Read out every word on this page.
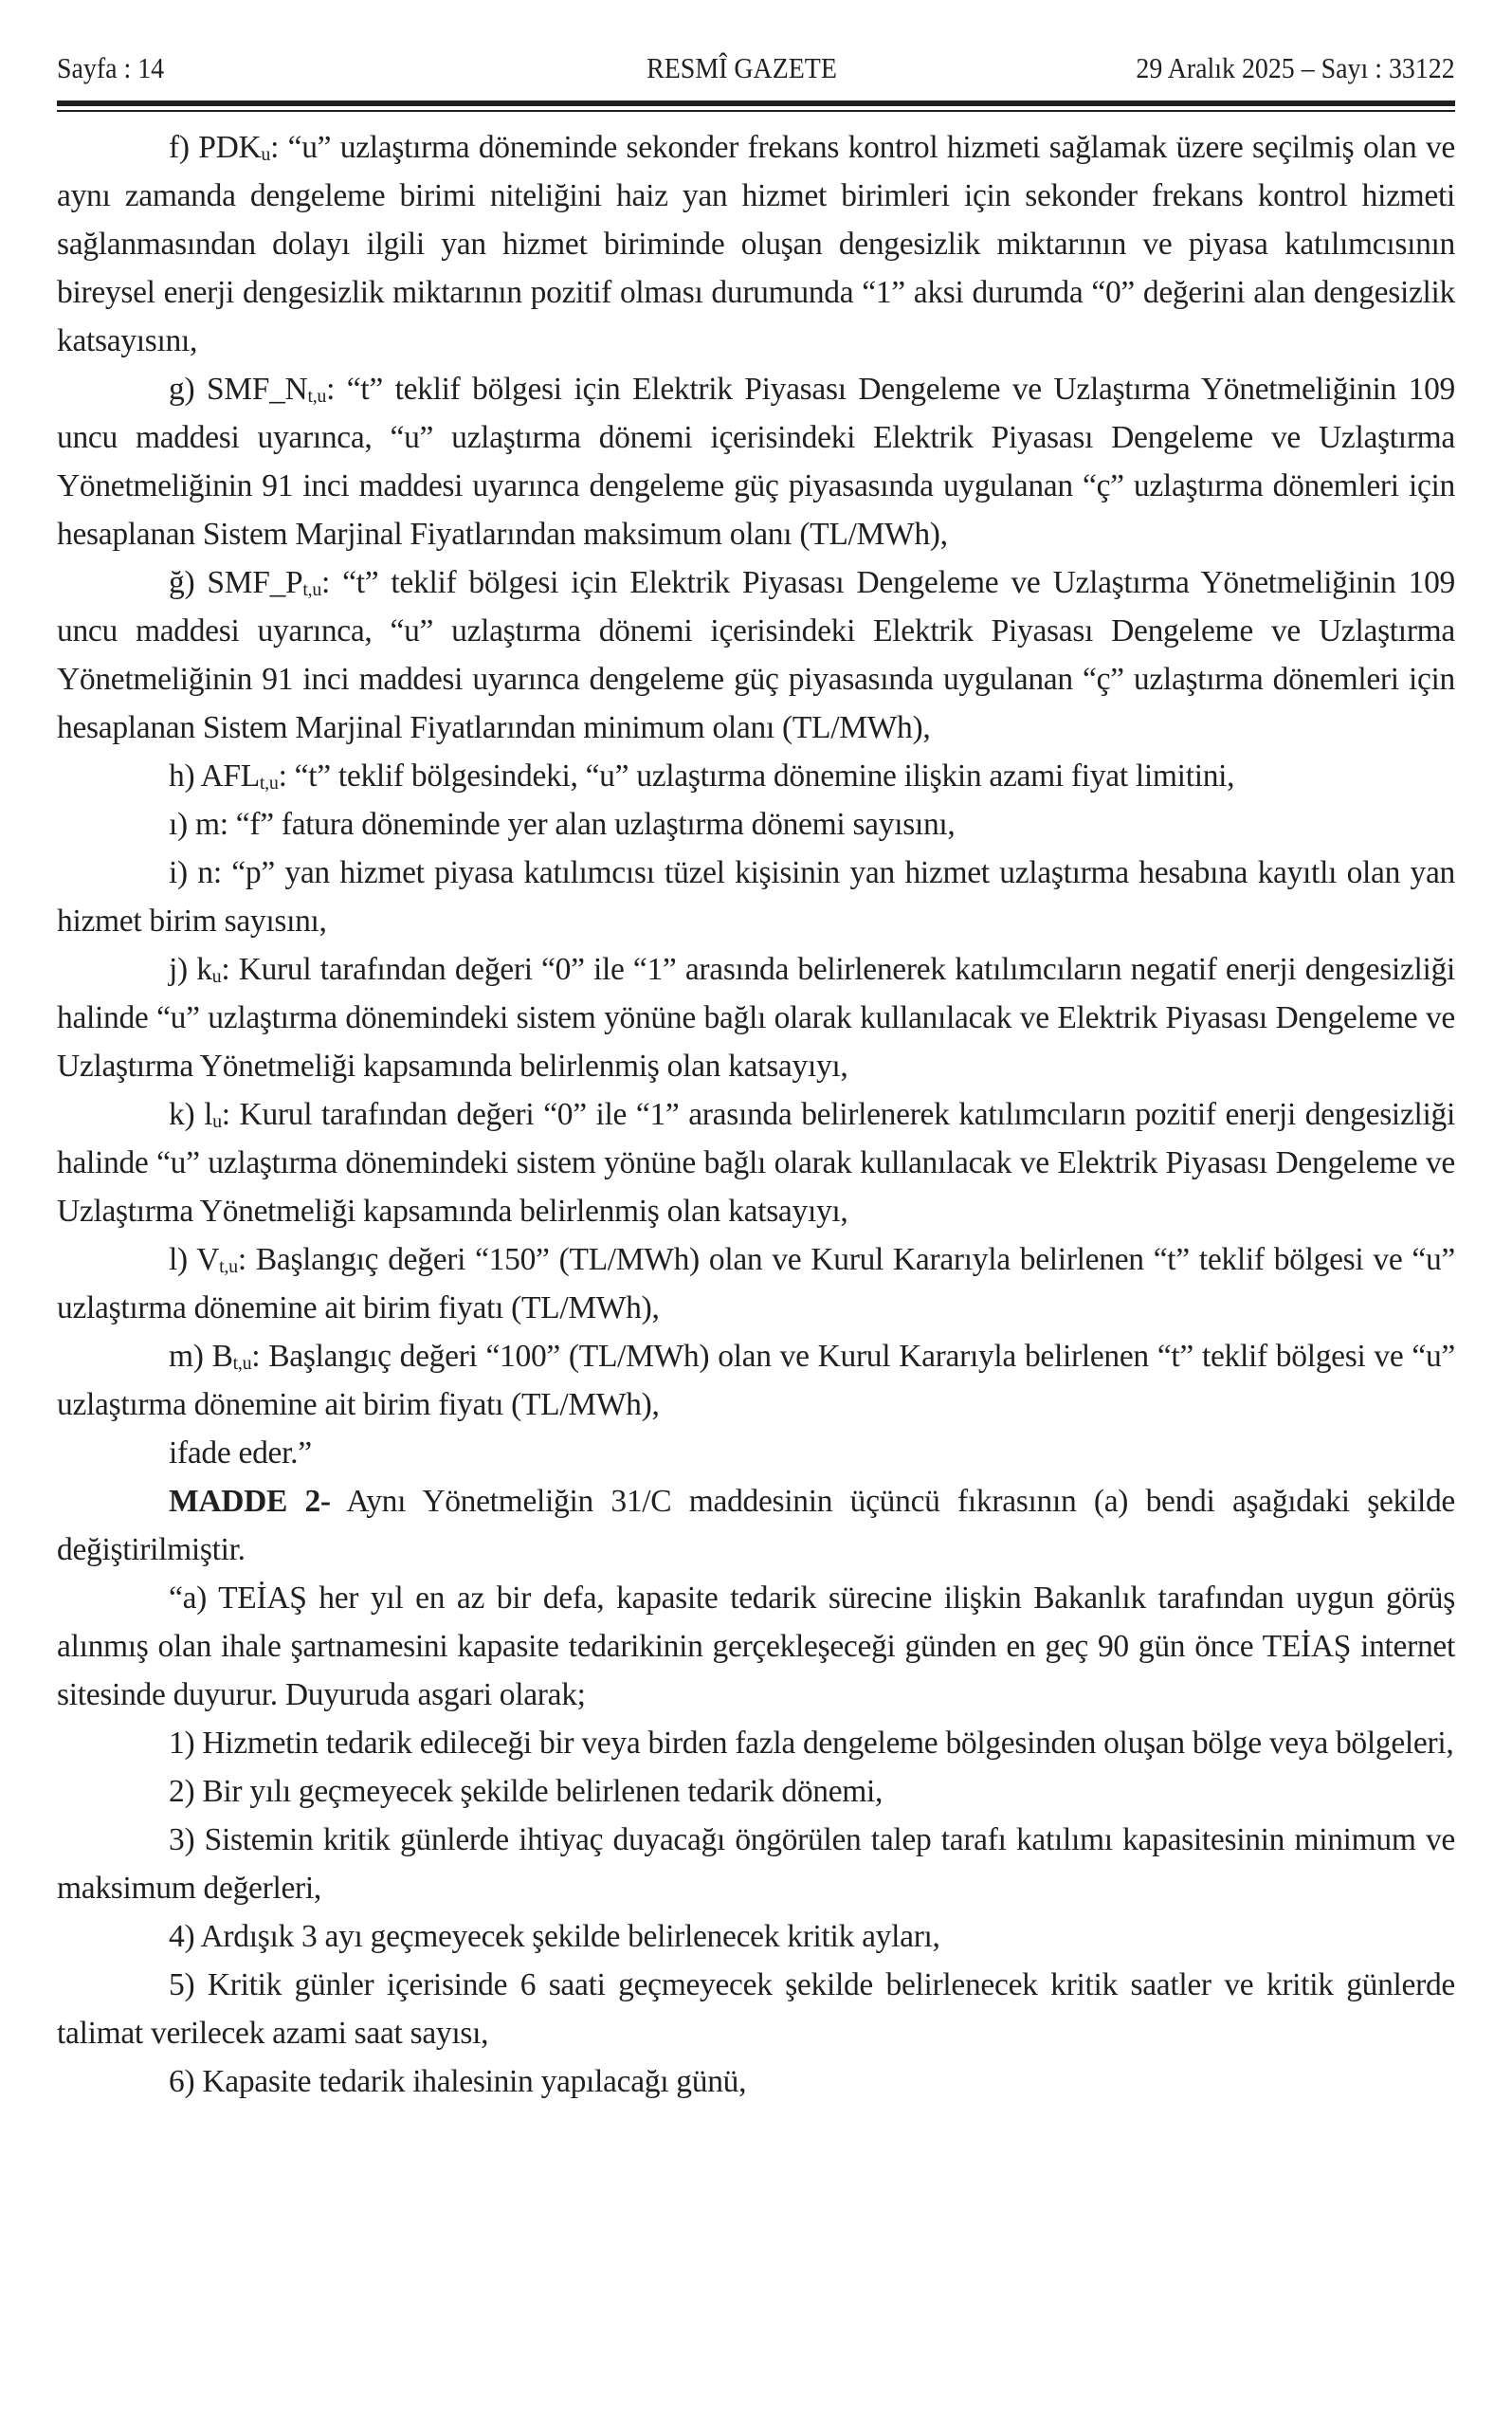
Sayfa : 14	RESMÎ GAZETE	29 Aralık 2025 – Sayı : 33122

f) $PDK_u$: “u” uzlaştırma döneminde sekonder frekans kontrol hizmeti sağlamak üzere seçilmiş olan ve aynı zamanda dengeleme birimi niteliğini haiz yan hizmet birimleri için sekonder frekans kontrol hizmeti sağlanmasından dolayı ilgili yan hizmet biriminde oluşan dengesizlik miktarının ve piyasa katılımcısının bireysel enerji dengesizlik miktarının pozitif olması durumunda “1” aksi durumda “0” değerini alan dengesizlik katsayısını,

g) $SMF\_N_{t,u}$: “t” teklif bölgesi için Elektrik Piyasası Dengeleme ve Uzlaştırma Yönetmeliğinin 109 uncu maddesi uyarınca, “u” uzlaştırma dönemi içerisindeki Elektrik Piyasası Dengeleme ve Uzlaştırma Yönetmeliğinin 91 inci maddesi uyarınca dengeleme güç piyasasında uygulanan “ç” uzlaştırma dönemleri için hesaplanan Sistem Marjinal Fiyatlarından maksimum olanı (TL/MWh),

ğ) $SMF\_P_{t,u}$: “t” teklif bölgesi için Elektrik Piyasası Dengeleme ve Uzlaştırma Yönetmeliğinin 109 uncu maddesi uyarınca, “u” uzlaştırma dönemi içerisindeki Elektrik Piyasası Dengeleme ve Uzlaştırma Yönetmeliğinin 91 inci maddesi uyarınca dengeleme güç piyasasında uygulanan “ç” uzlaştırma dönemleri için hesaplanan Sistem Marjinal Fiyatlarından minimum olanı (TL/MWh),

h) $AFL_{t,u}$: “t” teklif bölgesindeki, “u” uzlaştırma dönemine ilişkin azami fiyat limitini,

ı) m: “f” fatura döneminde yer alan uzlaştırma dönemi sayısını,

i) n: “p” yan hizmet piyasa katılımcısı tüzel kişisinin yan hizmet uzlaştırma hesabına kayıtlı olan yan hizmet birim sayısını,

j) $k_u$: Kurul tarafından değeri “0” ile “1” arasında belirlenerek katılımcıların negatif enerji dengesizliği halinde “u” uzlaştırma dönemindeki sistem yönüne bağlı olarak kullanılacak ve Elektrik Piyasası Dengeleme ve Uzlaştırma Yönetmeliği kapsamında belirlenmiş olan katsayıyı,

k) $l_u$: Kurul tarafından değeri “0” ile “1” arasında belirlenerek katılımcıların pozitif enerji dengesizliği halinde “u” uzlaştırma dönemindeki sistem yönüne bağlı olarak kullanılacak ve Elektrik Piyasası Dengeleme ve Uzlaştırma Yönetmeliği kapsamında belirlenmiş olan katsayıyı,

l) $V_{t,u}$: Başlangıç değeri “150” (TL/MWh) olan ve Kurul Kararıyla belirlenen “t” teklif bölgesi ve “u” uzlaştırma dönemine ait birim fiyatı (TL/MWh),

m) $B_{t,u}$: Başlangıç değeri “100” (TL/MWh) olan ve Kurul Kararıyla belirlenen “t” teklif bölgesi ve “u” uzlaştırma dönemine ait birim fiyatı (TL/MWh),

ifade eder.”

MADDE 2- Aynı Yönetmeliğin 31/C maddesinin üçüncü fıkrasının (a) bendi aşağıdaki şekilde değiştirilmiştir.

“a) TEİAŞ her yıl en az bir defa, kapasite tedarik sürecine ilişkin Bakanlık tarafından uygun görüş alınmış olan ihale şartnamesini kapasite tedarikinin gerçekleşeceği günden en geç 90 gün önce TEİAŞ internet sitesinde duyurur. Duyuruda asgari olarak;

1) Hizmetin tedarik edileceği bir veya birden fazla dengeleme bölgesinden oluşan bölge veya bölgeleri,

2) Bir yılı geçmeyecek şekilde belirlenen tedarik dönemi,

3) Sistemin kritik günlerde ihtiyaç duyacağı öngörülen talep tarafı katılımı kapasitesinin minimum ve maksimum değerleri,

4) Ardışık 3 ayı geçmeyecek şekilde belirlenecek kritik ayları,

5) Kritik günler içerisinde 6 saati geçmeyecek şekilde belirlenecek kritik saatler ve kritik günlerde talimat verilecek azami saat sayısı,

6) Kapasite tedarik ihalesinin yapılacağı günü,
